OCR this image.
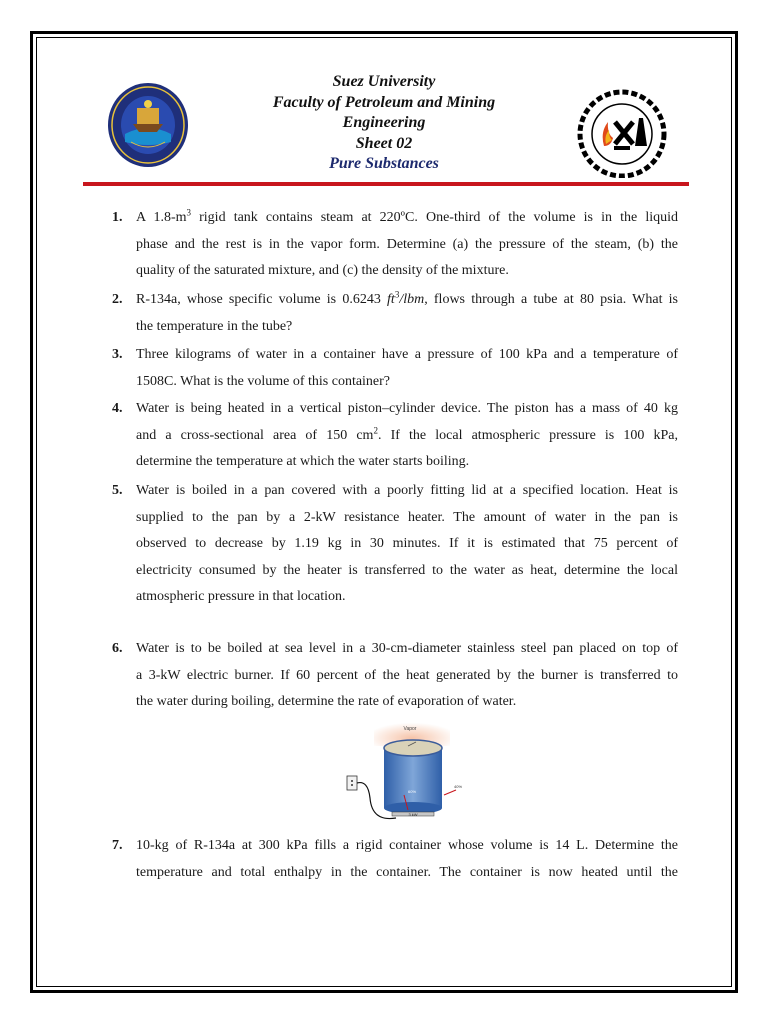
Suez University
Faculty of Petroleum and Mining
Engineering
Sheet 02
Pure Substances
1. A $1.8-m^3$ rigid tank contains steam at 220ºC. One-third of the volume is in the liquid
phase and the rest is in the vapor form. Determine (a) the pressure of the steam, (b) the
quality of the saturated mixture, and (c) the density of the mixture.
2. R-134a, whose specific volume is 0.6243 $ft^3$/lbm, flows through a tube at 80 psia. What is
the temperature in the tube?
3. Three kilograms of water in a container have a pressure of 100 kPa and a temperature of
1508C. What is the volume of this container?
4. Water is being heated in a vertical piston–cylinder device. The piston has a mass of 40 kg
and a cross-sectional area of 150 $cm^2$. If the local atmospheric pressure is 100 kPa,
determine the temperature at which the water starts boiling.
5. Water is boiled in a pan covered with a poorly fitting lid at a specified location. Heat is
supplied to the pan by a 2-kW resistance heater. The amount of water in the pan is
observed to decrease by 1.19 kg in 30 minutes. If it is estimated that 75 percent of
electricity consumed by the heater is transferred to the water as heat, determine the local
atmospheric pressure in that location.
6. Water is to be boiled at sea level in a 30-cm-diameter stainless steel pan placed on top of
a 3-kW electric burner. If 60 percent of the heat generated by the burner is transferred to
the water during boiling, determine the rate of evaporation of water.
7. 10-kg of R-134a at 300 kPa fills a rigid container whose volume is 14 L. Determine the
temperature and total enthalpy in the container. The container is now heated until the
Vapor
3 kW
60%
40%
